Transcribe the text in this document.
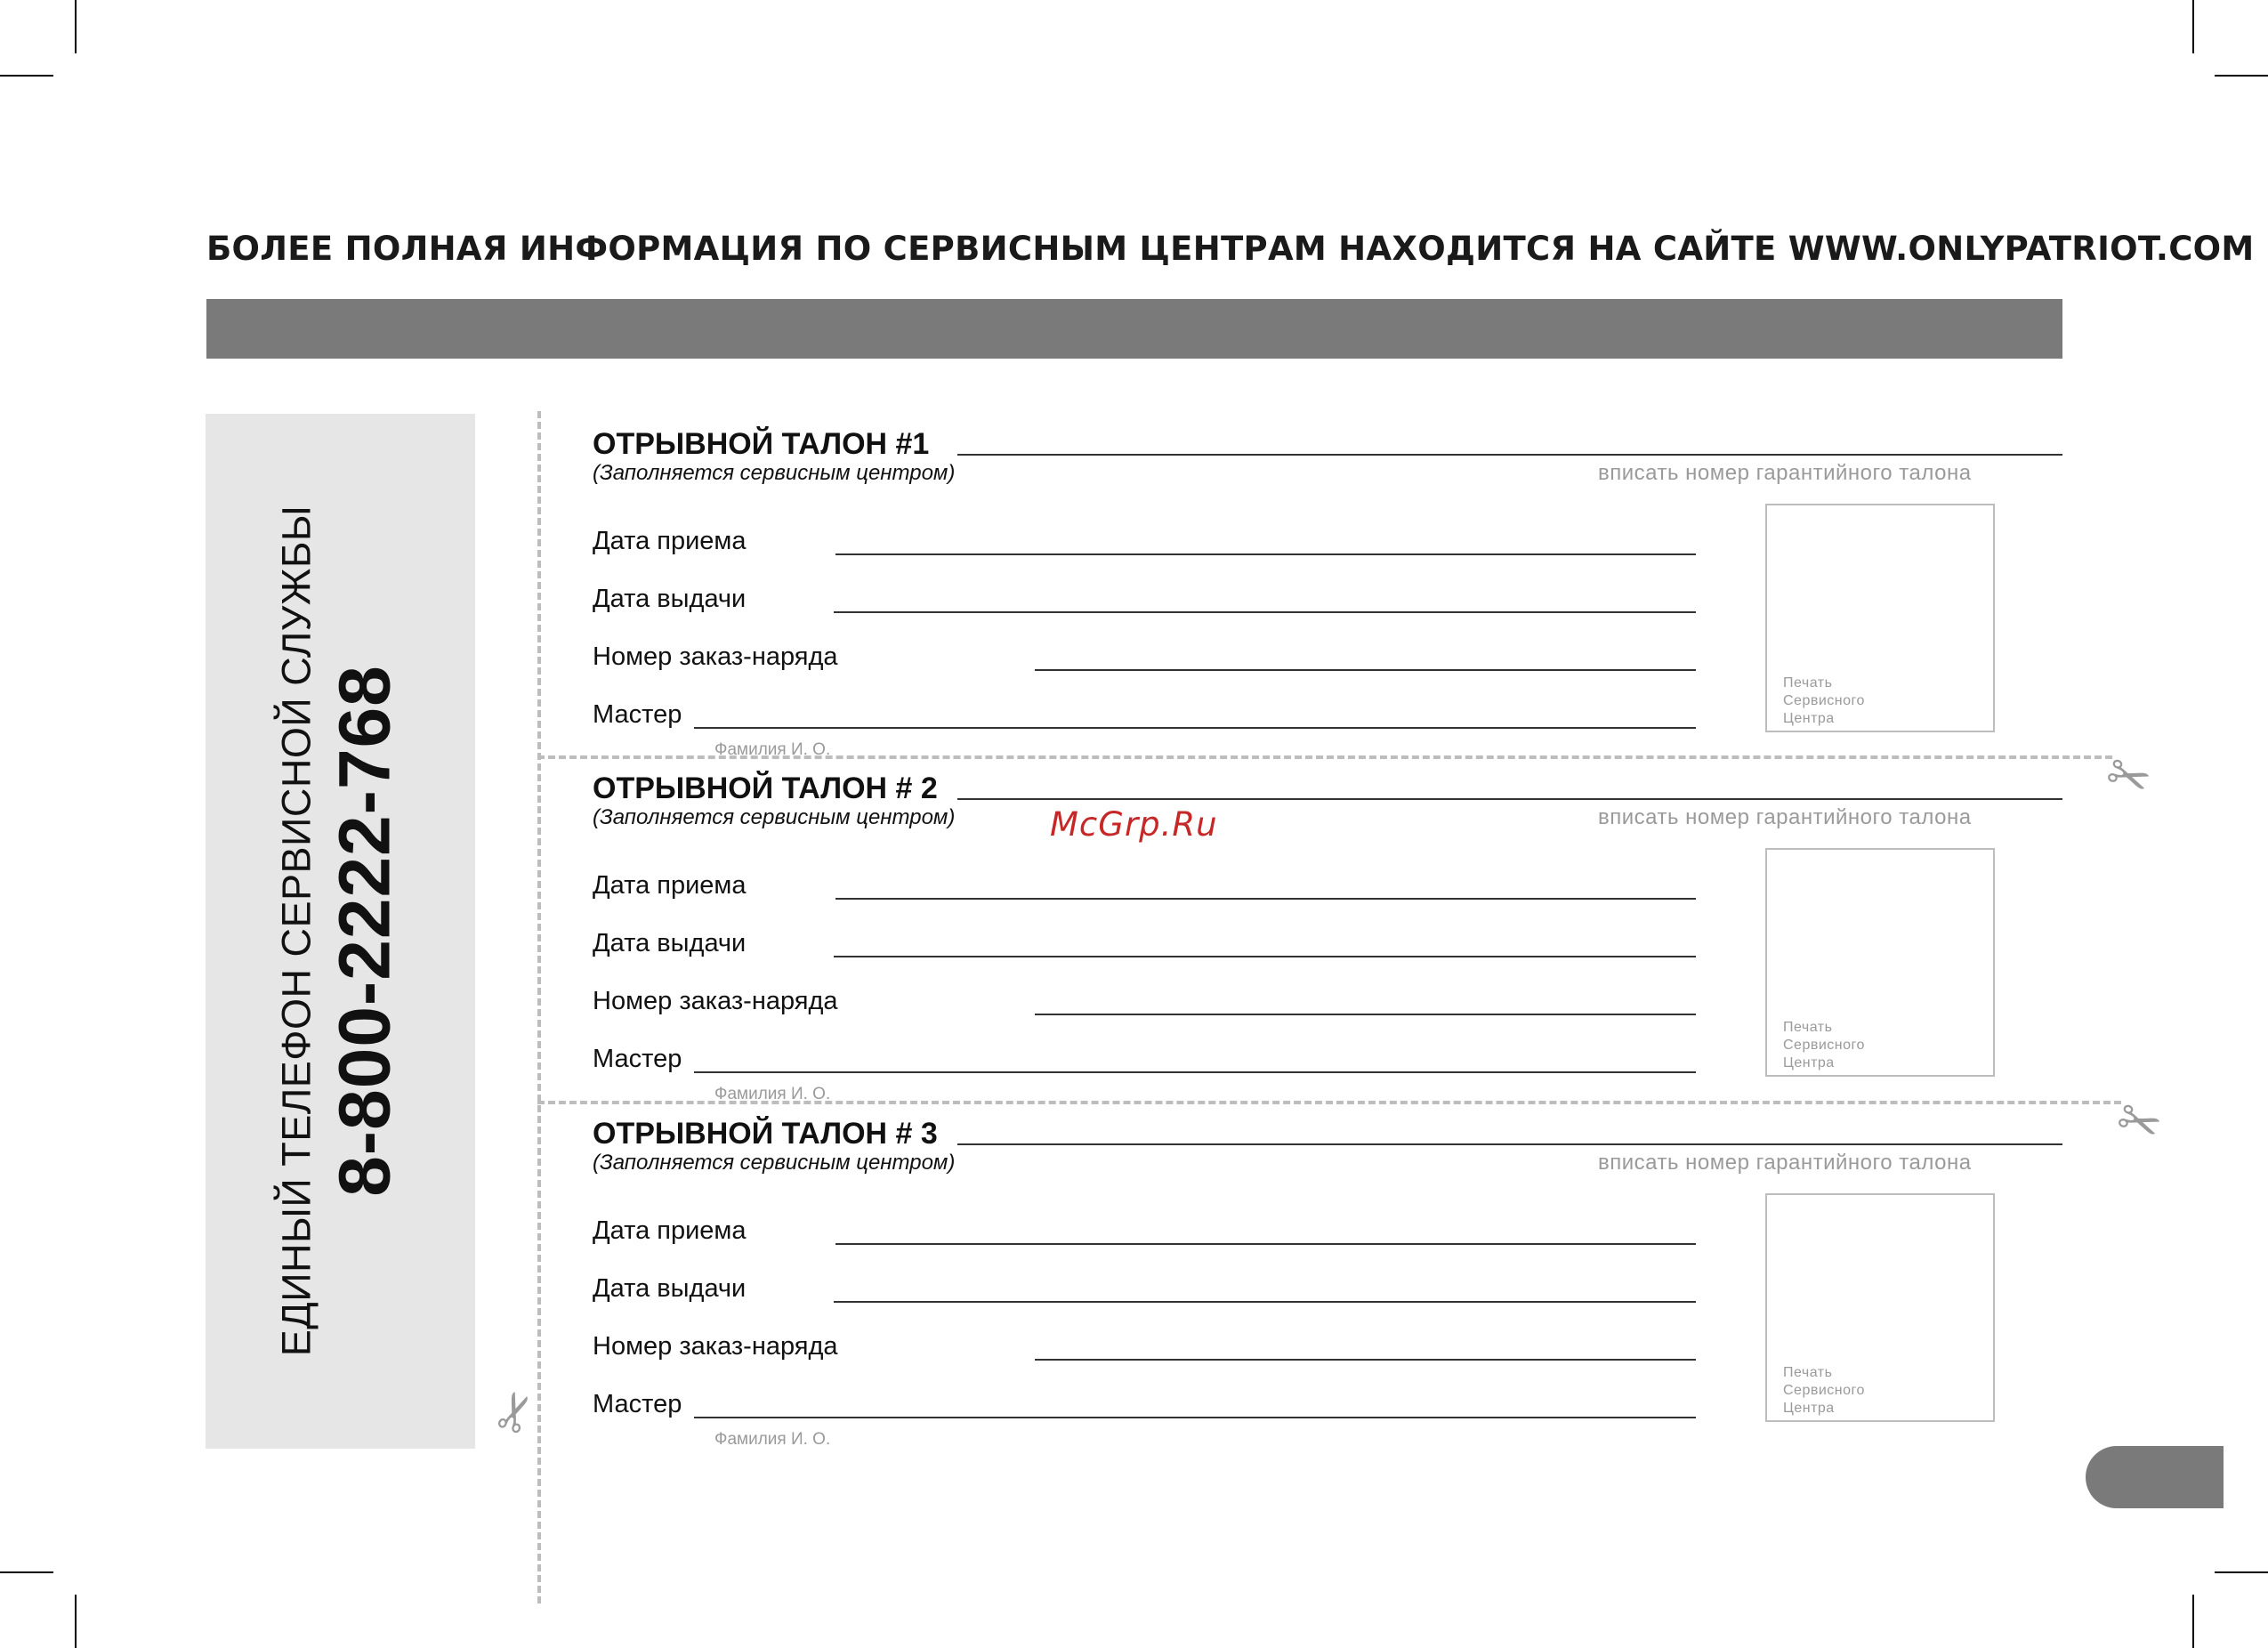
БОЛЕЕ ПОЛНАЯ ИНФОРМАЦИЯ ПО СЕРВИСНЫМ ЦЕНТРАМ НАХОДИТСЯ НА САЙТЕ WWW.ONLYPATRIOT.COM
ЕДИНЫЙ ТЕЛЕФОН СЕРВИСНОЙ СЛУЖБЫ 8-800-2222-768	✂
✂
✂
ОТРЫВНОЙ ТАЛОН #1
(Заполняется сервисным центром)	вписать номер гарантийного талона
Дата приема
Дата выдачи
Номер заказ-наряда
Мастер
Фамилия И. О.
Печать
Сервисного
Центра
ОТРЫВНОЙ ТАЛОН # 2
(Заполняется сервисным центром)	вписать номер гарантийного талона
Дата приема
Дата выдачи
Номер заказ-наряда
Мастер
Фамилия И. О.
Печать
Сервисного
Центра
ОТРЫВНОЙ ТАЛОН # 3
(Заполняется сервисным центром)	вписать номер гарантийного талона
Дата приема
Дата выдачи
Номер заказ-наряда
Мастер
Фамилия И. О.
Печать
Сервисного
Центра
McGrp.Ru
